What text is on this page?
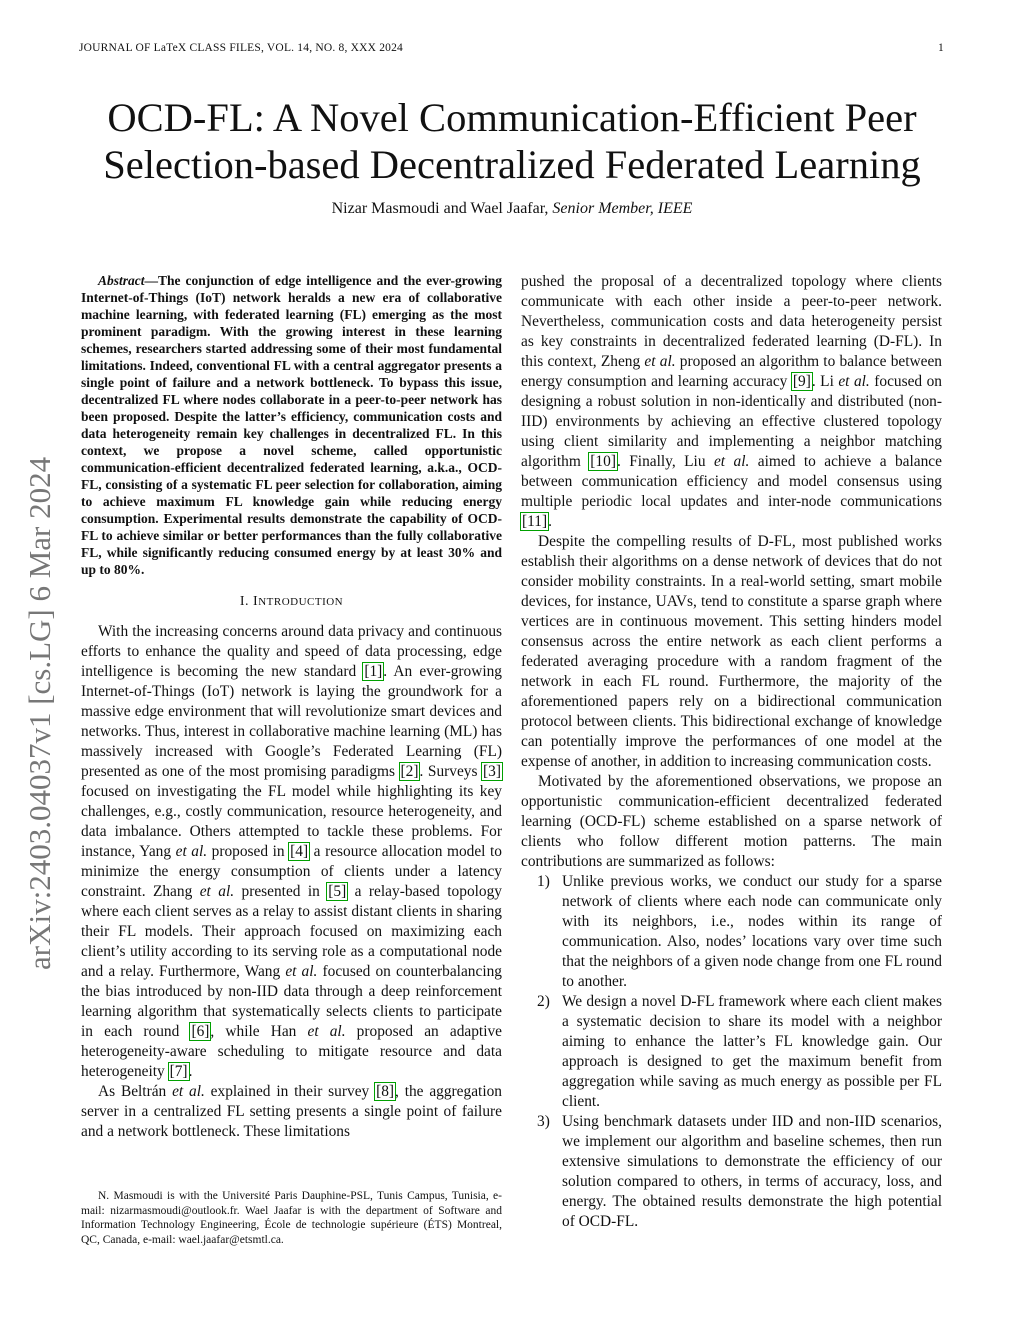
JOURNAL OF LaTeX CLASS FILES, VOL. 14, NO. 8, XXX 2024	1
OCD-FL: A Novel Communication-Efficient Peer
Selection-based Decentralized Federated Learning
Nizar Masmoudi and Wael Jaafar, Senior Member, IEEE
arXiv:2403.04037v1 [cs.LG] 6 Mar 2024

Abstract—The conjunction of edge intelligence and the ever-growing Internet-of-Things (IoT) network heralds a new era of collaborative machine learning, with federated learning (FL) emerging as the most prominent paradigm. With the growing interest in these learning schemes, researchers started addressing some of their most fundamental limitations. Indeed, conventional FL with a central aggregator presents a single point of failure and a network bottleneck. To bypass this issue, decentralized FL where nodes collaborate in a peer-to-peer network has been proposed. Despite the latter’s efficiency, communication costs and data heterogeneity remain key challenges in decentralized FL. In this context, we propose a novel scheme, called opportunistic communication-efficient decentralized federated learning, a.k.a., OCD-FL, consisting of a systematic FL peer selection for collaboration, aiming to achieve maximum FL knowledge gain while reducing energy consumption. Experimental results demonstrate the capability of OCD-FL to achieve similar or better performances than the fully collaborative FL, while significantly reducing consumed energy by at least 30% and up to 80%.

I. INTRODUCTION

With the increasing concerns around data privacy and continuous efforts to enhance the quality and speed of data processing, edge intelligence is becoming the new standard [1]. An ever-growing Internet-of-Things (IoT) network is laying the groundwork for a massive edge environment that will revolutionize smart devices and networks. Thus, interest in collaborative machine learning (ML) has massively increased with Google’s Federated Learning (FL) presented as one of the most promising paradigms [2]. Surveys [3] focused on investigating the FL model while highlighting its key challenges, e.g., costly communication, resource heterogeneity, and data imbalance. Others attempted to tackle these problems. For instance, Yang et al. proposed in [4] a resource allocation model to minimize the energy consumption of clients under a latency constraint. Zhang et al. presented in [5] a relay-based topology where each client serves as a relay to assist distant clients in sharing their FL models. Their approach focused on maximizing each client’s utility according to its serving role as a computational node and a relay. Furthermore, Wang et al. focused on counterbalancing the bias introduced by non-IID data through a deep reinforcement learning algorithm that systematically selects clients to participate in each round [6], while Han et al. proposed an adaptive heterogeneity-aware scheduling to mitigate resource and data heterogeneity [7].

As Beltrán et al. explained in their survey [8], the aggregation server in a centralized FL setting presents a single point of failure and a network bottleneck. These limitations

N. Masmoudi is with the Université Paris Dauphine-PSL, Tunis Campus, Tunisia, e-mail: nizarmasmoudi@outlook.fr. Wael Jaafar is with the department of Software and Information Technology Engineering, École de technologie supérieure (ÉTS) Montreal, QC, Canada, e-mail: wael.jaafar@etsmtl.ca.

pushed the proposal of a decentralized topology where clients communicate with each other inside a peer-to-peer network. Nevertheless, communication costs and data heterogeneity persist as key constraints in decentralized federated learning (D-FL). In this context, Zheng et al. proposed an algorithm to balance between energy consumption and learning accuracy [9]. Li et al. focused on designing a robust solution in non-identically and distributed (non-IID) environments by achieving an effective clustered topology using client similarity and implementing a neighbor matching algorithm [10]. Finally, Liu et al. aimed to achieve a balance between communication efficiency and model consensus using multiple periodic local updates and inter-node communications [11].

Despite the compelling results of D-FL, most published works establish their algorithms on a dense network of devices that do not consider mobility constraints. In a real-world setting, smart mobile devices, for instance, UAVs, tend to constitute a sparse graph where vertices are in continuous movement. This setting hinders model consensus across the entire network as each client performs a federated averaging procedure with a random fragment of the network in each FL round. Furthermore, the majority of the aforementioned papers rely on a bidirectional communication protocol between clients. This bidirectional exchange of knowledge can potentially improve the performances of one model at the expense of another, in addition to increasing communication costs.

Motivated by the aforementioned observations, we propose an opportunistic communication-efficient decentralized federated learning (OCD-FL) scheme established on a sparse network of clients who follow different motion patterns. The main contributions are summarized as follows:

1) Unlike previous works, we conduct our study for a sparse network of clients where each node can communicate only with its neighbors, i.e., nodes within its range of communication. Also, nodes’ locations vary over time such that the neighbors of a given node change from one FL round to another.
2) We design a novel D-FL framework where each client makes a systematic decision to share its model with a neighbor aiming to enhance the latter’s FL knowledge gain. Our approach is designed to get the maximum benefit from aggregation while saving as much energy as possible per FL client.
3) Using benchmark datasets under IID and non-IID scenarios, we implement our algorithm and baseline schemes, then run extensive simulations to demonstrate the efficiency of our solution compared to others, in terms of accuracy, loss, and energy. The obtained results demonstrate the high potential of OCD-FL.
